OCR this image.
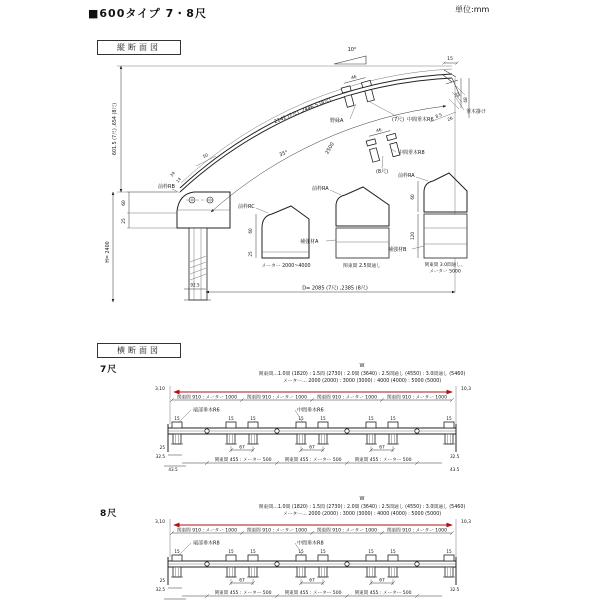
■600タイプ 7・8尺	単位:mm
縦断面図
横断面図
7尺
8尺
601.5 (7尺) ,654 (8尺)	2142 (7尺) ,2446.5 (8尺)
2500
35°
34
14
50
10°
15
35
48
8.5 26
垂木掛け
46
46
野縁A	(7尺) 中間垂木R6
中間垂木R8
(8尺)
前枠RB
60
25
H= 2400
92.5
D= 2085 (7尺) ,2385 (8尺)
前枠RC
60
25
メーター 2000~4000
前枠RA
補強材A
関東間 2.5間通し
前枠RA
60
120
補強材B
関東間 3.0間通し、
メーター 5000
W
関東間…1.0間 (1820) : 1.5間 (2730) : 2.0間 (3640) : 2.5間通し (4550) : 3.0間通し (5460)
メーター… 2000 (2000) : 3000 (3000) : 4000 (4000) : 5000 (5000)
3,10	10,3
関東間 910 : メーター 1000 関東間 910 : メーター 1000 関東間 910 : メーター 1000 関東間 910 : メーター 1000
15	15	15	15	15	15	15	15
67	67	67
関東間 455 : メーター 500	関東間 455 : メーター 500	関東間 455 : メーター 500
25
32.5
43.5
32.5
43.5
端部垂木R6	中間垂木R6
W
関東間…1.0間 (1820) : 1.5間 (2730) : 2.0間 (3640) : 2.5間通し (4550) : 3.0間通し (5460)
メーター… 2000 (2000) : 3000 (3000) : 4000 (4000) : 5000 (5000)
3,10	10,3
関東間 910 : メーター 1000 関東間 910 : メーター 1000 関東間 910 : メーター 1000 関東間 910 : メーター 1000
15	15	15	15	15	15	15	15
67	67	67
関東間 455 : メーター 500	関東間 455 : メーター 500	関東間 455 : メーター 500
25
32.5	32.5
端部垂木R8	中間垂木R8
